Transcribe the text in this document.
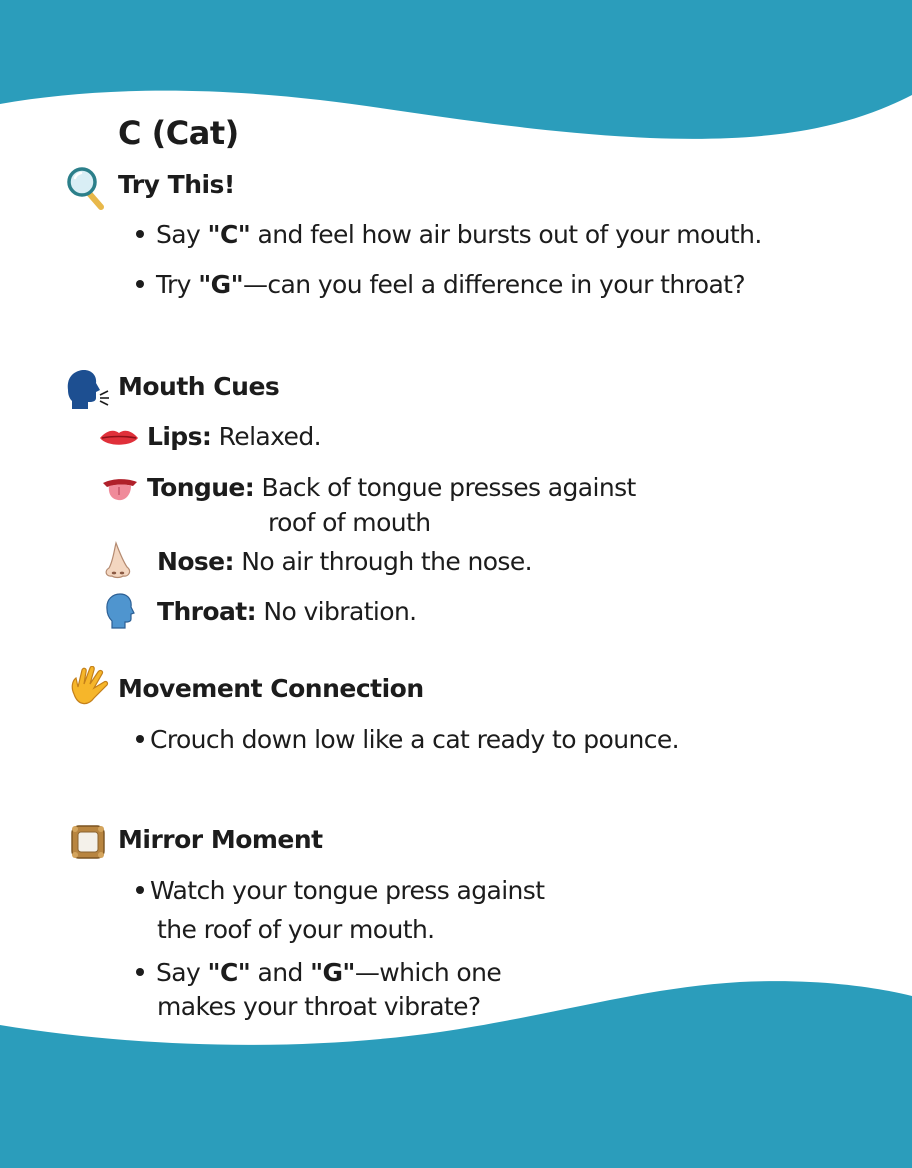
C (Cat)
Try This!
Say "C" and feel how air bursts out of your mouth.
Try "G"—can you feel a difference in your throat?
Mouth Cues
Lips: Relaxed.
Tongue: Back of tongue presses against
roof of mouth
Nose: No air through the nose.
Throat: No vibration.
Movement Connection
Crouch down low like a cat ready to pounce.
Mirror Moment
Watch your tongue press against
the roof of your mouth.
Say "C" and "G"—which one
makes your throat vibrate?
